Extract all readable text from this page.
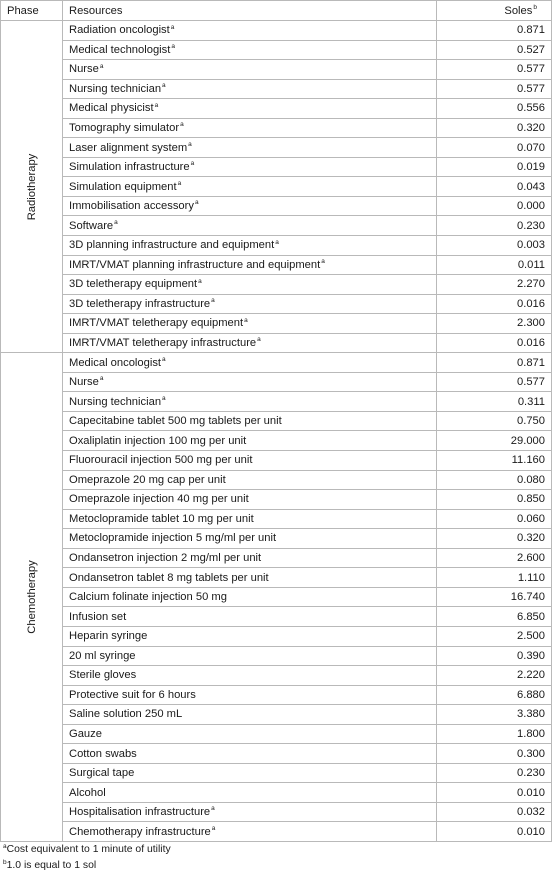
Phase	Resources	Soles$^b$

Radiotherapy	Radiation oncologist$^a$	0.871
	Medical technologist$^a$	0.527
	Nurse$^a$	0.577
	Nursing technician$^a$	0.577
	Medical physicist$^a$	0.556
	Tomography simulator$^a$	0.320
	Laser alignment system$^a$	0.070
	Simulation infrastructure$^a$	0.019
	Simulation equipment$^a$	0.043
	Immobilisation accessory$^a$	0.000
	Software$^a$	0.230
	3D planning infrastructure and equipment$^a$	0.003
	IMRT/VMAT planning infrastructure and equipment$^a$	0.011
	3D teletherapy equipment$^a$	2.270
	3D teletherapy infrastructure$^a$	0.016
	IMRT/VMAT teletherapy equipment$^a$	2.300
	IMRT/VMAT teletherapy infrastructure$^a$	0.016

Chemotherapy	Medical oncologist$^a$	0.871
	Nurse$^a$	0.577
	Nursing technician$^a$	0.311
	Capecitabine tablet 500 mg tablets per unit	0.750
	Oxaliplatin injection 100 mg per unit	29.000
	Fluorouracil injection 500 mg per unit	11.160
	Omeprazole 20 mg cap per unit	0.080
	Omeprazole injection 40 mg per unit	0.850
	Metoclopramide tablet 10 mg per unit	0.060
	Metoclopramide injection 5 mg/ml per unit	0.320
	Ondansetron injection 2 mg/ml per unit	2.600
	Ondansetron tablet 8 mg tablets per unit	1.110
	Calcium folinate injection 50 mg	16.740
	Infusion set	6.850
	Heparin syringe	2.500
	20 ml syringe	0.390
	Sterile gloves	2.220
	Protective suit for 6 hours	6.880
	Saline solution 250 mL	3.380
	Gauze	1.800
	Cotton swabs	0.300
	Surgical tape	0.230
	Alcohol	0.010
	Hospitalisation infrastructure$^a$	0.032
	Chemotherapy infrastructure$^a$	0.010

$^a$Cost equivalent to 1 minute of utility

$^b$1.0 is equal to 1 sol
